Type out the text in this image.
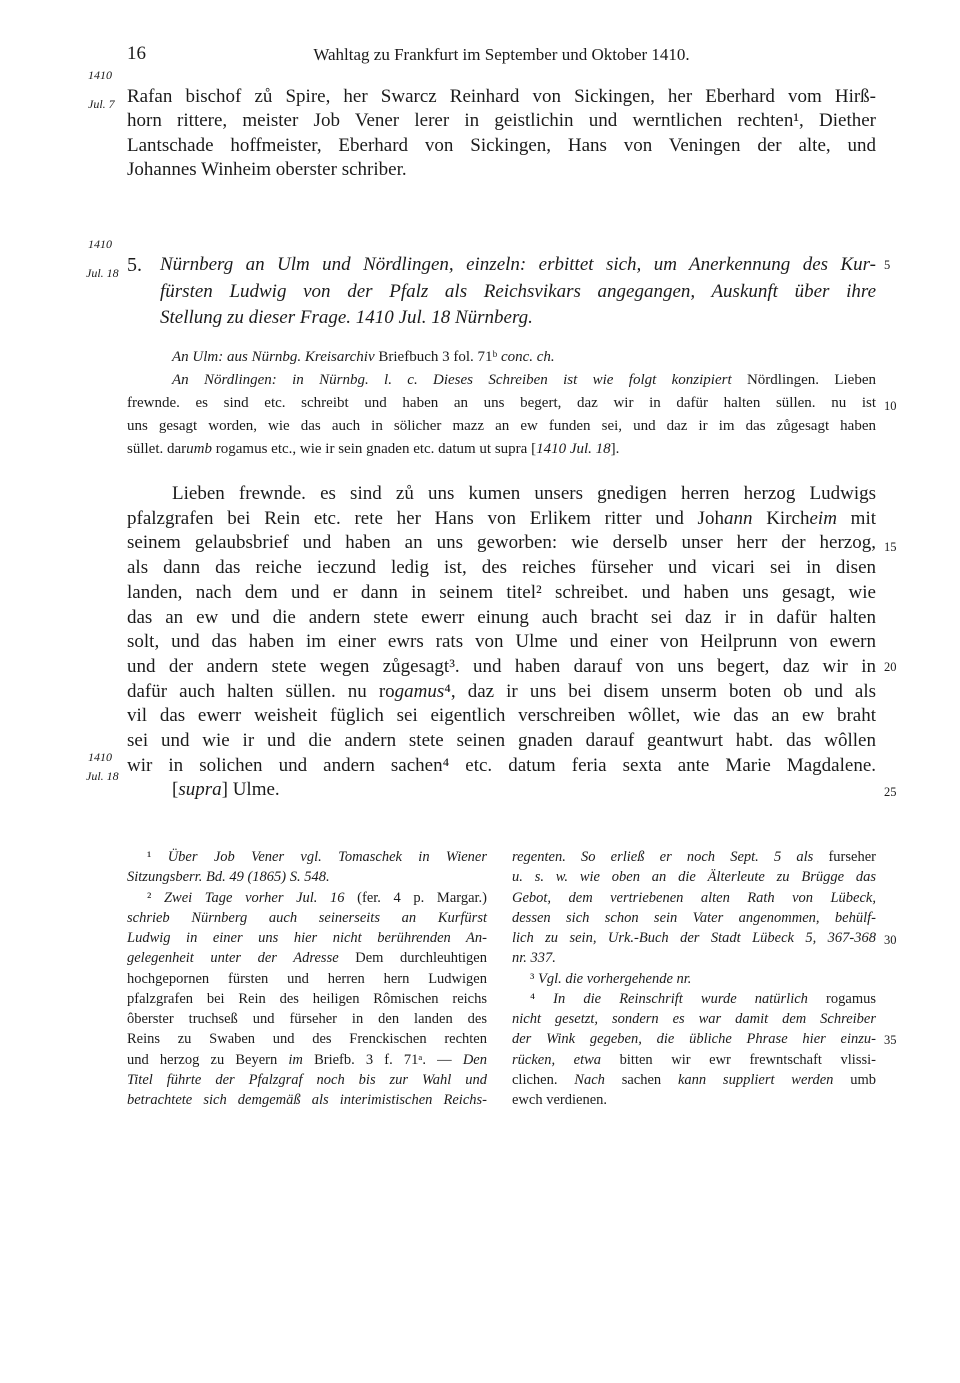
16	Wahltag zu Frankfurt im September und Oktober 1410.
1410
Jul. 7
1410
Jul. 18
1410
Jul. 18
Rafan bischof zů Spire, her Swarcz Reinhard von Sickingen, her Eberhard vom Hirß-
horn rittere, meister Job Vener lerer in geistlichin und werntlichen rechten¹, Diether
Lantschade hoffmeister, Eberhard von Sickingen, Hans von Veningen der alte, und
Johannes Winheim oberster schriber.
5. Nürnberg an Ulm und Nördlingen, einzeln: erbittet sich, um Anerkennung des Kur-
fürsten Ludwig von der Pfalz als Reichsvikars angegangen, Auskunft über ihre
Stellung zu dieser Frage. 1410 Jul. 18 Nürnberg.
An Ulm: aus Nürnbg. Kreisarchiv Briefbuch 3 fol. 71ᵇ conc. ch.
An Nördlingen: in Nürnbg. l. c. Dieses Schreiben ist wie folgt konzipiert Nördlingen. Lieben
frewnde. es sind etc. schreibt und haben an uns begert, daz wir in dafür halten süllen. nu ist
uns gesagt worden, wie das auch in sölicher mazz an ew funden sei, und daz ir im das zůgesagt haben
süllet. darumb rogamus etc., wie ir sein gnaden etc. datum ut supra [1410 Jul. 18].
Lieben frewnde. es sind zů uns kumen unsers gnedigen herren herzog Ludwigs
pfalzgrafen bei Rein etc. rete her Hans von Erlikem ritter und Johann Kircheim mit
seinem gelaubsbrief und haben an uns geworben: wie derselb unser herr der herzog,
als dann das reiche ieczund ledig ist, des reiches fürseher und vicari sei in disen
landen, nach dem und er dann in seinem titel² schreibet. und haben uns gesagt, wie
das an ew und die andern stete ewerr einung auch bracht sei daz ir in dafür halten
solt, und das haben im einer ewrs rats von Ulme und einer von Heilprunn von ewern
und der andern stete wegen zůgesagt³. und haben darauf von uns begert, daz wir in
dafür auch halten süllen. nu rogamus⁴, daz ir uns bei disem unserm boten ob und als
vil das ewerr weisheit füglich sei eigentlich verschreiben wôllet, wie das an ew braht
sei und wie ir und die andern stete seinen gnaden darauf geantwurt habt. das wôllen
wir in solichen und andern sachen⁴ etc. datum feria sexta ante Marie Magdalene.
[supra] Ulme.
¹ Über Job Vener vgl. Tomaschek in Wiener
Sitzungsberr. Bd. 49 (1865) S. 548.
² Zwei Tage vorher Jul. 16 (fer. 4 p. Margar.)
schrieb Nürnberg auch seinerseits an Kurfürst
Ludwig in einer uns hier nicht berührenden An-
gelegenheit unter der Adresse Dem durchleuhtigen
hochgepornen fürsten und herren hern Ludwigen
pfalzgrafen bei Rein des heiligen Rômischen reichs
ôberster truchseß und fürseher in den landen des
Reins zu Swaben und des Frenckischen rechten
und herzog zu Beyern im Briefb. 3 f. 71ᵃ. — Den
Titel führte der Pfalzgraf noch bis zur Wahl und
betrachtete sich demgemäß als interimistischen Reichs-
regenten. So erließ er noch Sept. 5 als furseher
u. s. w. wie oben an die Älterleute zu Brügge das
Gebot, dem vertriebenen alten Rath von Lübeck,
dessen sich schon sein Vater angenommen, behülf-
lich zu sein, Urk.-Buch der Stadt Lübeck 5, 367-368
nr. 337.
³ Vgl. die vorhergehende nr.
⁴ In die Reinschrift wurde natürlich rogamus
nicht gesetzt, sondern es war damit dem Schreiber
der Wink gegeben, die übliche Phrase hier einzu-
rücken, etwa bitten wir ewr frewntschaft vlissi-
clichen. Nach sachen kann suppliert werden umb
ewch verdienen.
5
10
15
20
25
30
35
